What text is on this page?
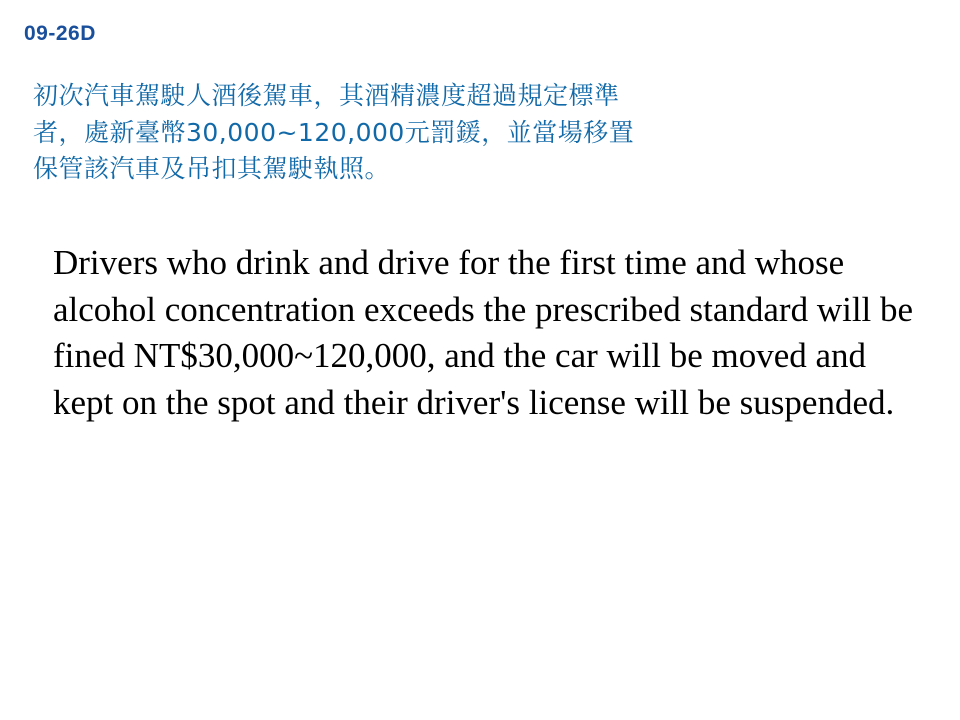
09-26D
初次汽車駕駛人酒後駕車，其酒精濃度超過規定標準者，處新臺幣30,000~120,000元罰鍰，並當場移置保管該汽車及吊扣其駕駛執照。
Drivers who drink and drive for the first time and whose alcohol concentration exceeds the prescribed standard will be fined NT$30,000~120,000, and the car will be moved and kept on the spot and their driver's license will be suspended.
